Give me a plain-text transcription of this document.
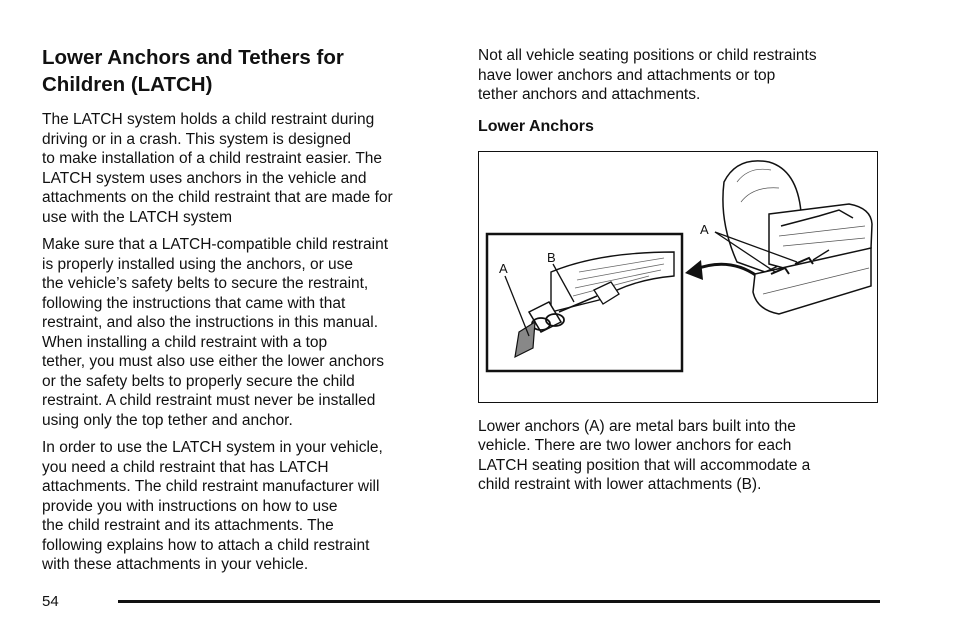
Lower Anchors and Tethers for
Children (LATCH)

The LATCH system holds a child restraint during
driving or in a crash. This system is designed
to make installation of a child restraint easier. The
LATCH system uses anchors in the vehicle and
attachments on the child restraint that are made for
use with the LATCH system

Make sure that a LATCH-compatible child restraint
is properly installed using the anchors, or use
the vehicle’s safety belts to secure the restraint,
following the instructions that came with that
restraint, and also the instructions in this manual.
When installing a child restraint with a top
tether, you must also use either the lower anchors
or the safety belts to properly secure the child
restraint. A child restraint must never be installed
using only the top tether and anchor.

In order to use the LATCH system in your vehicle,
you need a child restraint that has LATCH
attachments. The child restraint manufacturer will
provide you with instructions on how to use
the child restraint and its attachments. The
following explains how to attach a child restraint
with these attachments in your vehicle.

Not all vehicle seating positions or child restraints
have lower anchors and attachments or top
tether anchors and attachments.

Lower Anchors
A
B
A

Lower anchors (A) are metal bars built into the
vehicle. There are two lower anchors for each
LATCH seating position that will accommodate a
child restraint with lower attachments (B).

54
